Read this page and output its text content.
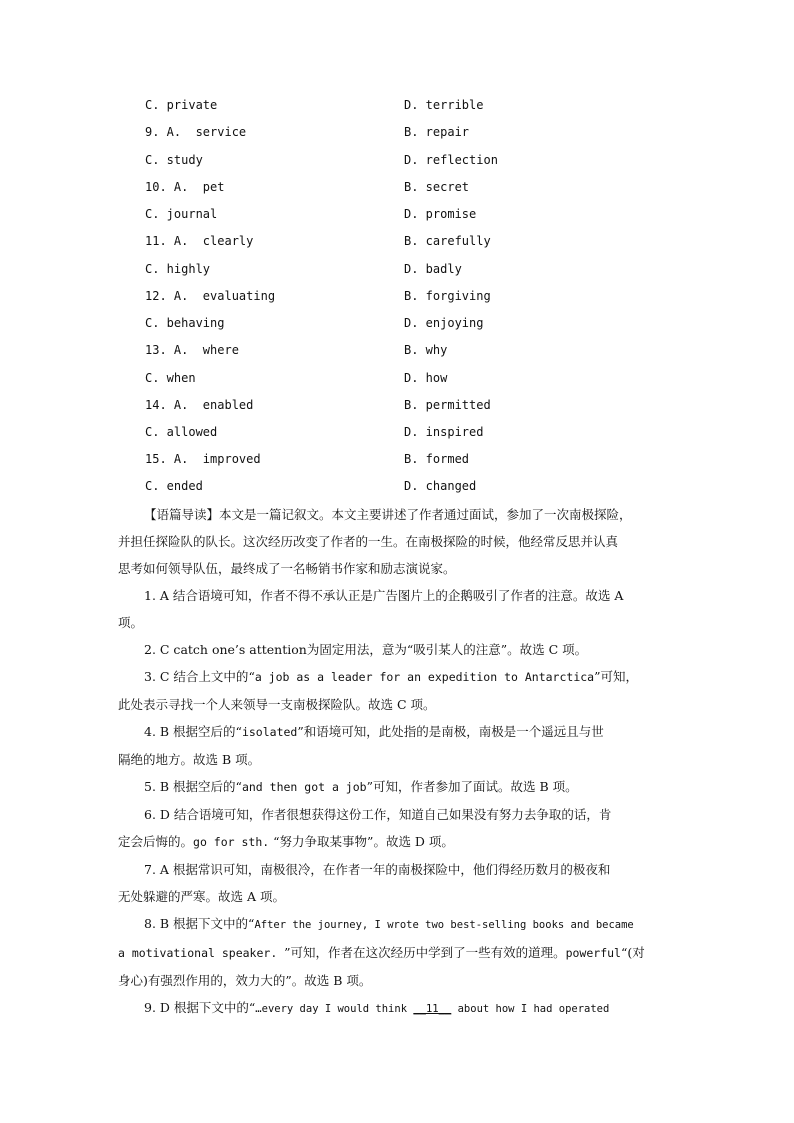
C. private	D. terrible
9. A.  service	B. repair
C. study	D. reflection
10. A.  pet	B. secret
C. journal	D. promise
11. A.  clearly	B. carefully
C. highly	D. badly
12. A.  evaluating	B. forgiving
C. behaving	D. enjoying
13. A.  where	B. why
C. when	D. how
14. A.  enabled	B. permitted
C. allowed	D. inspired
15. A.  improved	B. formed
C. ended	D. changed
【语篇导读】本文是一篇记叙文。本文主要讲述了作者通过面试，参加了一次南极探险，
并担任探险队的队长。这次经历改变了作者的一生。在南极探险的时候，他经常反思并认真
思考如何领导队伍，最终成了一名畅销书作家和励志演说家。
1. A 结合语境可知，作者不得不承认正是广告图片上的企鹅吸引了作者的注意。故选 A
项。
2. C catch one’s attention为固定用法，意为“吸引某人的注意”。故选 C 项。
3. C 结合上文中的“a job as a leader for an expedition to Antarctica”可知，
此处表示寻找一个人来领导一支南极探险队。故选 C 项。
4. B 根据空后的“isolated”和语境可知，此处指的是南极，南极是一个遥远且与世
隔绝的地方。故选 B 项。
5. B 根据空后的“and then got a job”可知，作者参加了面试。故选 B 项。
6. D 结合语境可知，作者很想获得这份工作，知道自己如果没有努力去争取的话，肯
定会后悔的。go for sth. “努力争取某事物”。故选 D 项。
7. A 根据常识可知，南极很冷，在作者一年的南极探险中，他们得经历数月的极夜和
无处躲避的严寒。故选 A 项。
8. B 根据下文中的“After the journey, I wrote two best-selling books and became
a motivational speaker. ”可知，作者在这次经历中学到了一些有效的道理。powerful“(对
身心)有强烈作用的，效力大的”。故选 B 项。
9. D 根据下文中的“…every day I would think __11__ about how I had operated
